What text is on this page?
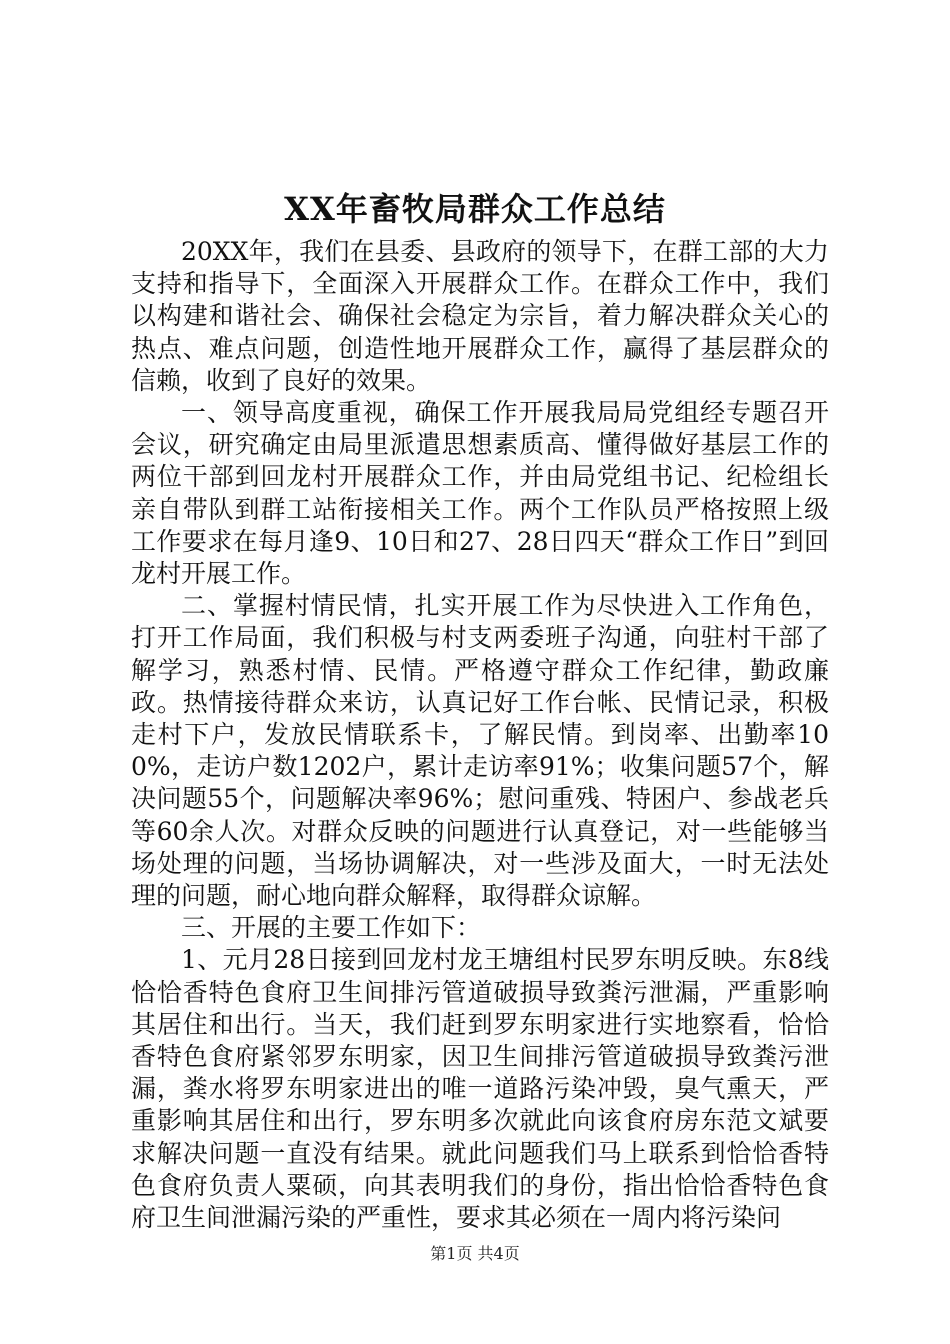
XX年畜牧局群众工作总结

20XX年，我们在县委、县政府的领导下，在群工部的大力支持和指导下，全面深入开展群众工作。在群众工作中，我们以构建和谐社会、确保社会稳定为宗旨，着力解决群众关心的热点、难点问题，创造性地开展群众工作，赢得了基层群众的信赖，收到了良好的效果。

一、领导高度重视，确保工作开展我局局党组经专题召开会议，研究确定由局里派遣思想素质高、懂得做好基层工作的两位干部到回龙村开展群众工作，并由局党组书记、纪检组长亲自带队到群工站衔接相关工作。两个工作队员严格按照上级工作要求在每月逢9、10日和27、28日四天“群众工作日”到回龙村开展工作。

二、掌握村情民情，扎实开展工作为尽快进入工作角色，打开工作局面，我们积极与村支两委班子沟通，向驻村干部了解学习，熟悉村情、民情。严格遵守群众工作纪律，勤政廉政。热情接待群众来访，认真记好工作台帐、民情记录，积极走村下户，发放民情联系卡，了解民情。到岗率、出勤率100%，走访户数1202户，累计走访率91%；收集问题57个，解决问题55个，问题解决率96%；慰问重残、特困户、参战老兵等60余人次。对群众反映的问题进行认真登记，对一些能够当场处理的问题，当场协调解决，对一些涉及面大，一时无法处理的问题，耐心地向群众解释，取得群众谅解。

三、开展的主要工作如下：

1、元月28日接到回龙村龙王塘组村民罗东明反映。东8线恰恰香特色食府卫生间排污管道破损导致粪污泄漏，严重影响其居住和出行。当天，我们赶到罗东明家进行实地察看，恰恰香特色食府紧邻罗东明家，因卫生间排污管道破损导致粪污泄漏，粪水将罗东明家进出的唯一道路污染冲毁，臭气熏天，严重影响其居住和出行，罗东明多次就此向该食府房东范文斌要求解决问题一直没有结果。就此问题我们马上联系到恰恰香特色食府负责人粟硕，向其表明我们的身份，指出恰恰香特色食府卫生间泄漏污染的严重性，要求其必须在一周内将污染问

第1页 共4页
